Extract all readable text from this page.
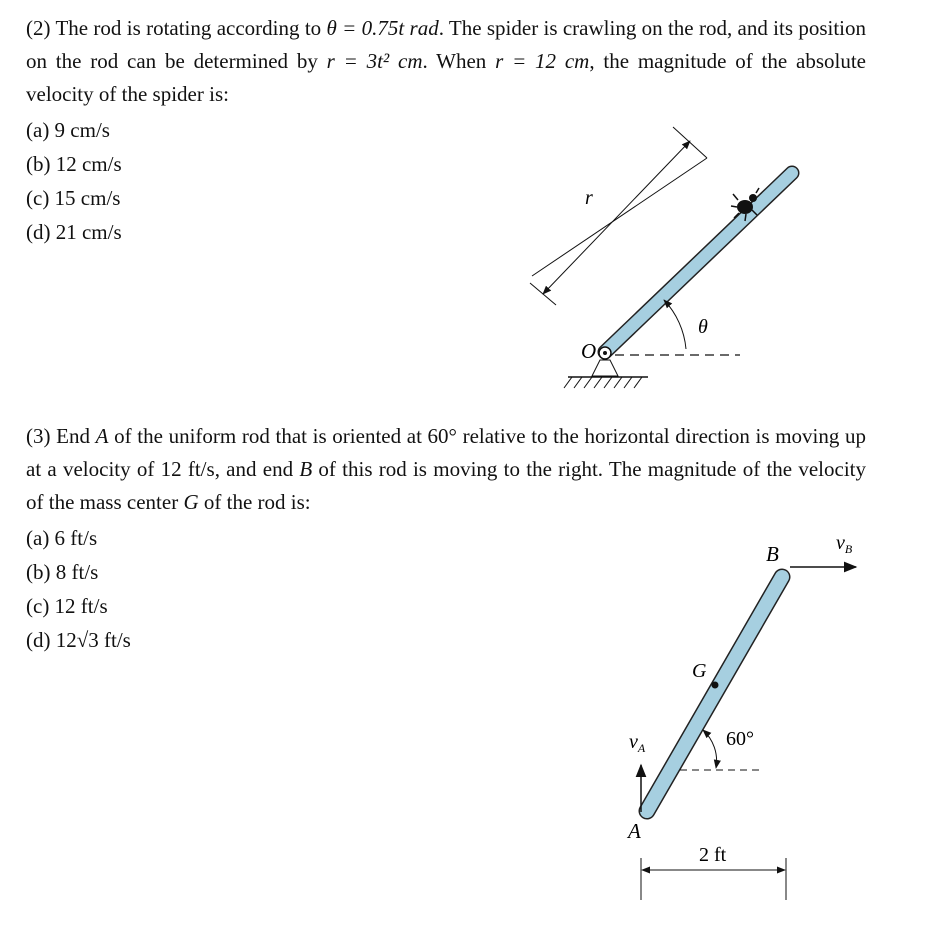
(2) The rod is rotating according to θ = 0.75t rad. The spider is crawling on the rod, and its position on the rod can be determined by r = 3t² cm. When r = 12 cm, the magnitude of the absolute velocity of the spider is:

(a) 9 cm/s
(b) 12 cm/s
(c) 15 cm/s
(d) 21 cm/s

(3) End A of the uniform rod that is oriented at 60° relative to the horizontal direction is moving up at a velocity of 12 ft/s, and end B of this rod is moving to the right. The magnitude of the velocity of the mass center G of the rod is:

(a) 6 ft/s
(b) 8 ft/s
(c) 12 ft/s
(d) 12√3 ft/s
r
O
θ
B	$v_B$
G
60°
$v_A$
A
2 ft
